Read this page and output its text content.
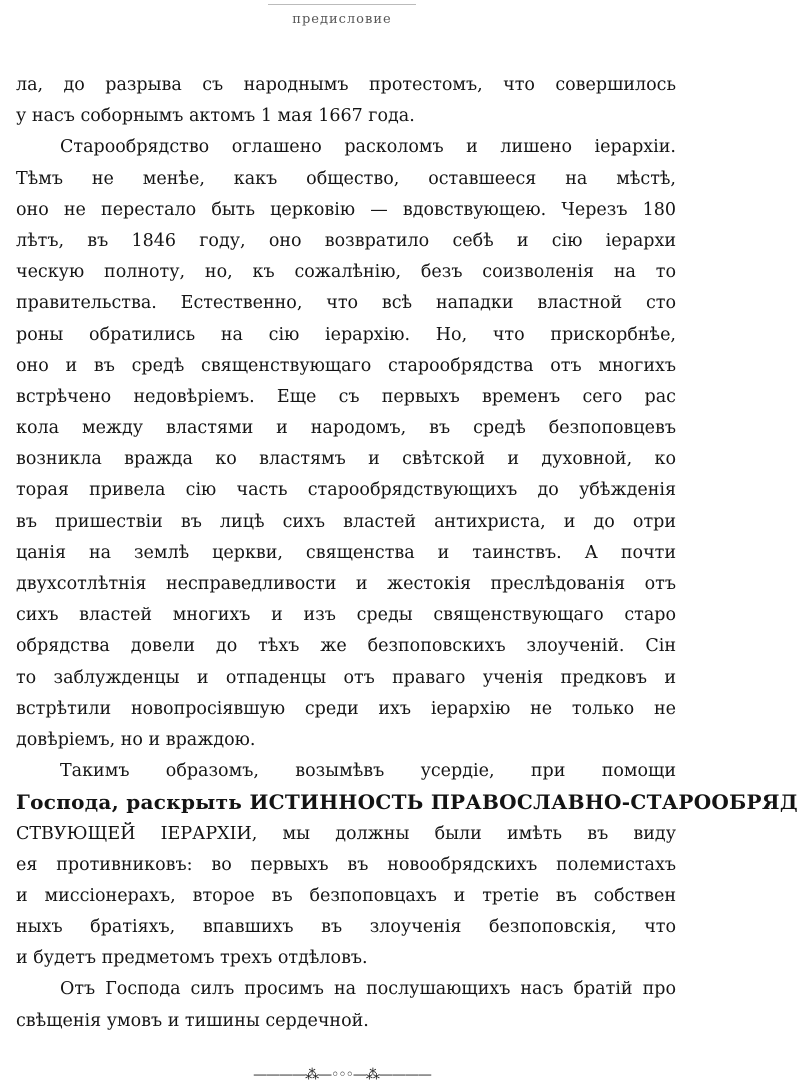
предисловие
ла, до разрыва съ народнымъ протестомъ, что совершилось
у насъ соборнымъ актомъ 1 мая 1667 года.
Старообрядство оглашено расколомъ и лишено іерархіи.
Тѣмъ не менѣе, какъ общество, оставшееся на мѣстѣ,
оно не перестало быть церковію — вдовствующею. Черезъ 180
лѣтъ, въ 1846 году, оно возвратило себѣ и сію іерархи
ческую полноту, но, къ сожалѣнію, безъ соизволенія на то
правительства. Естественно, что всѣ нападки властной сто
роны обратились на сію іерархію. Но, что прискорбнѣе,
оно и въ средѣ священствующаго старообрядства отъ многихъ
встрѣчено недовѣріемъ. Еще съ первыхъ временъ сего рас
кола между властями и народомъ, въ средѣ безпоповцевъ
возникла вражда ко властямъ и свѣтской и духовной, ко
торая привела сію часть старообрядствующихъ до убѣжденія
въ пришествіи въ лицѣ сихъ властей антихриста, и до отри
цанія на землѣ церкви, священства и таинствъ. А почти
двухсотлѣтнія несправедливости и жестокія преслѣдованія отъ
сихъ властей многихъ и изъ среды священствующаго старо
обрядства довели до тѣхъ же безпоповскихъ злоученій. Сін
то заблужденцы и отпаденцы отъ праваго ученія предковъ и
встрѣтили новопросіявшую среди ихъ іерархію не только не
довѣріемъ, но и враждою.
Такимъ образомъ, возымѣвъ усердіе, при помощи
Господа, раскрыть ИСТИННОСТЬ ПРАВОСЛАВНО-СТАРООБРЯД
СТВУЮЩЕЙ ІЕРАРХІИ, мы должны были имѣть въ виду
ея противниковъ: во первыхъ въ новообрядскихъ полемистахъ
и миссіонерахъ, второе въ безпоповцахъ и третіе въ собствен
ныхъ братіяхъ, впавшихъ въ злоученія безпоповскія, что
и будетъ предметомъ трехъ отдѣловъ.
Отъ Господа силъ просимъ на послушающихъ насъ братій про
свѣщенія умовъ и тишины сердечной.
————⁂—◦◦◦—⁂————
